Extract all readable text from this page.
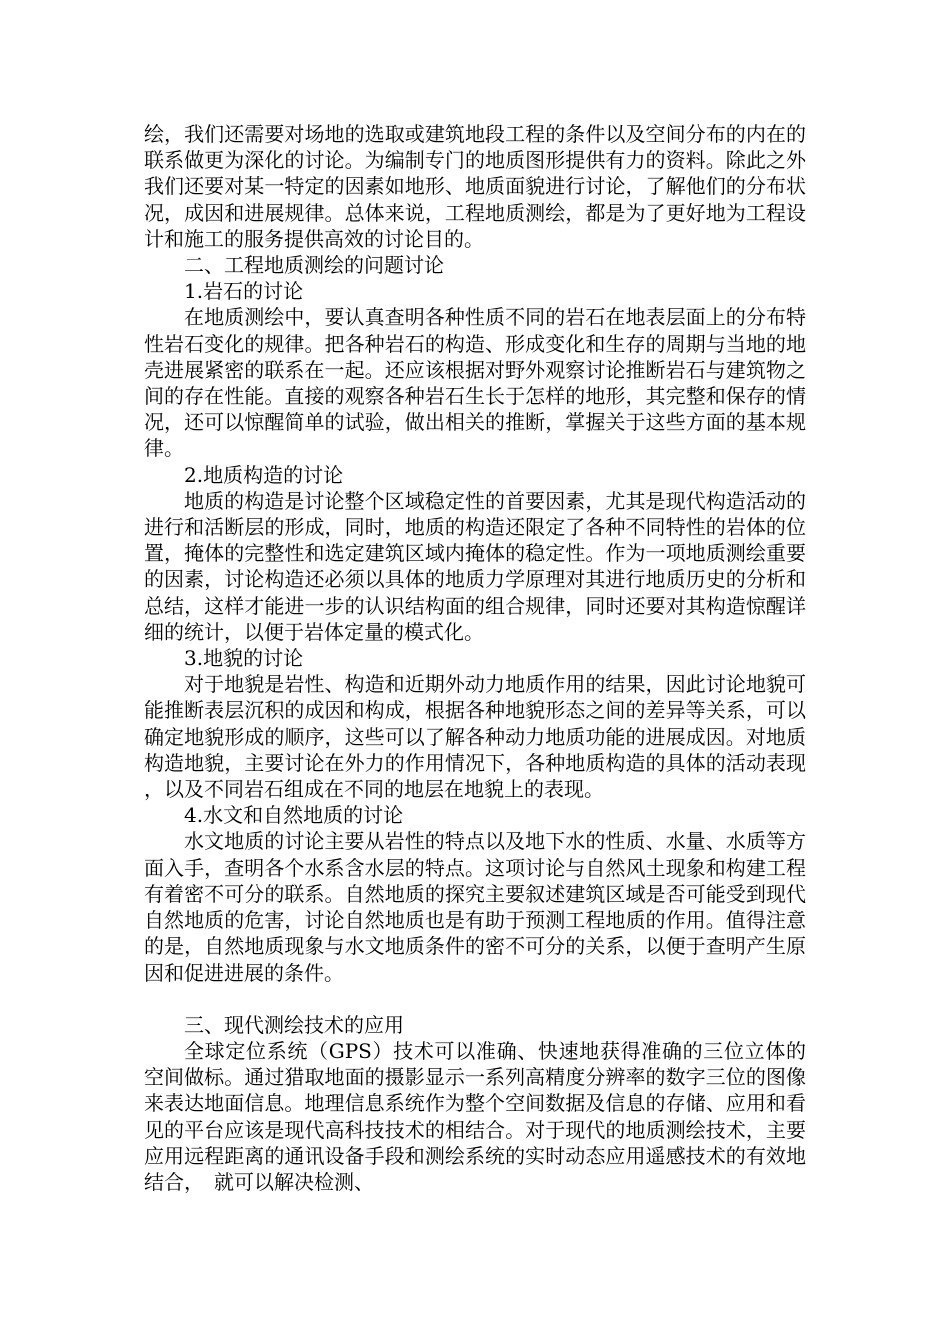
绘，我们还需要对场地的选取或建筑地段工程的条件以及空间分布的内在的联系做更为深化的讨论。为编制专门的地质图形提供有力的资料。除此之外我们还要对某一特定的因素如地形、地质面貌进行讨论，了解他们的分布状况，成因和进展规律。总体来说，工程地质测绘，都是为了更好地为工程设计和施工的服务提供高效的讨论目的。

二、工程地质测绘的问题讨论

1.岩石的讨论

在地质测绘中，要认真查明各种性质不同的岩石在地表层面上的分布特性岩石变化的规律。把各种岩石的构造、形成变化和生存的周期与当地的地壳进展紧密的联系在一起。还应该根据对野外观察讨论推断岩石与建筑物之间的存在性能。直接的观察各种岩石生长于怎样的地形，其完整和保存的情况，还可以惊醒简单的试验，做出相关的推断，掌握关于这些方面的基本规律。

2.地质构造的讨论

地质的构造是讨论整个区域稳定性的首要因素，尤其是现代构造活动的进行和活断层的形成，同时，地质的构造还限定了各种不同特性的岩体的位置，掩体的完整性和选定建筑区域内掩体的稳定性。作为一项地质测绘重要的因素，讨论构造还必须以具体的地质力学原理对其进行地质历史的分析和总结，这样才能进一步的认识结构面的组合规律，同时还要对其构造惊醒详细的统计，以便于岩体定量的模式化。

3.地貌的讨论

对于地貌是岩性、构造和近期外动力地质作用的结果，因此讨论地貌可能推断表层沉积的成因和构成，根据各种地貌形态之间的差异等关系，可以确定地貌形成的顺序，这些可以了解各种动力地质功能的进展成因。对地质构造地貌，主要讨论在外力的作用情况下，各种地质构造的具体的活动表现，以及不同岩石组成在不同的地层在地貌上的表现。

4.水文和自然地质的讨论

水文地质的讨论主要从岩性的特点以及地下水的性质、水量、水质等方面入手，查明各个水系含水层的特点。这项讨论与自然风土现象和构建工程有着密不可分的联系。自然地质的探究主要叙述建筑区域是否可能受到现代自然地质的危害，讨论自然地质也是有助于预测工程地质的作用。值得注意的是，自然地质现象与水文地质条件的密不可分的关系，以便于查明产生原因和促进进展的条件。

三、现代测绘技术的应用

全球定位系统（GPS）技术可以准确、快速地获得准确的三位立体的空间做标。通过猎取地面的摄影显示一系列高精度分辨率的数字三位的图像来表达地面信息。地理信息系统作为整个空间数据及信息的存储、应用和看见的平台应该是现代高科技技术的相结合。对于现代的地质测绘技术，主要应用远程距离的通讯设备手段和测绘系统的实时动态应用遥感技术的有效地结合，　就可以解决检测、
